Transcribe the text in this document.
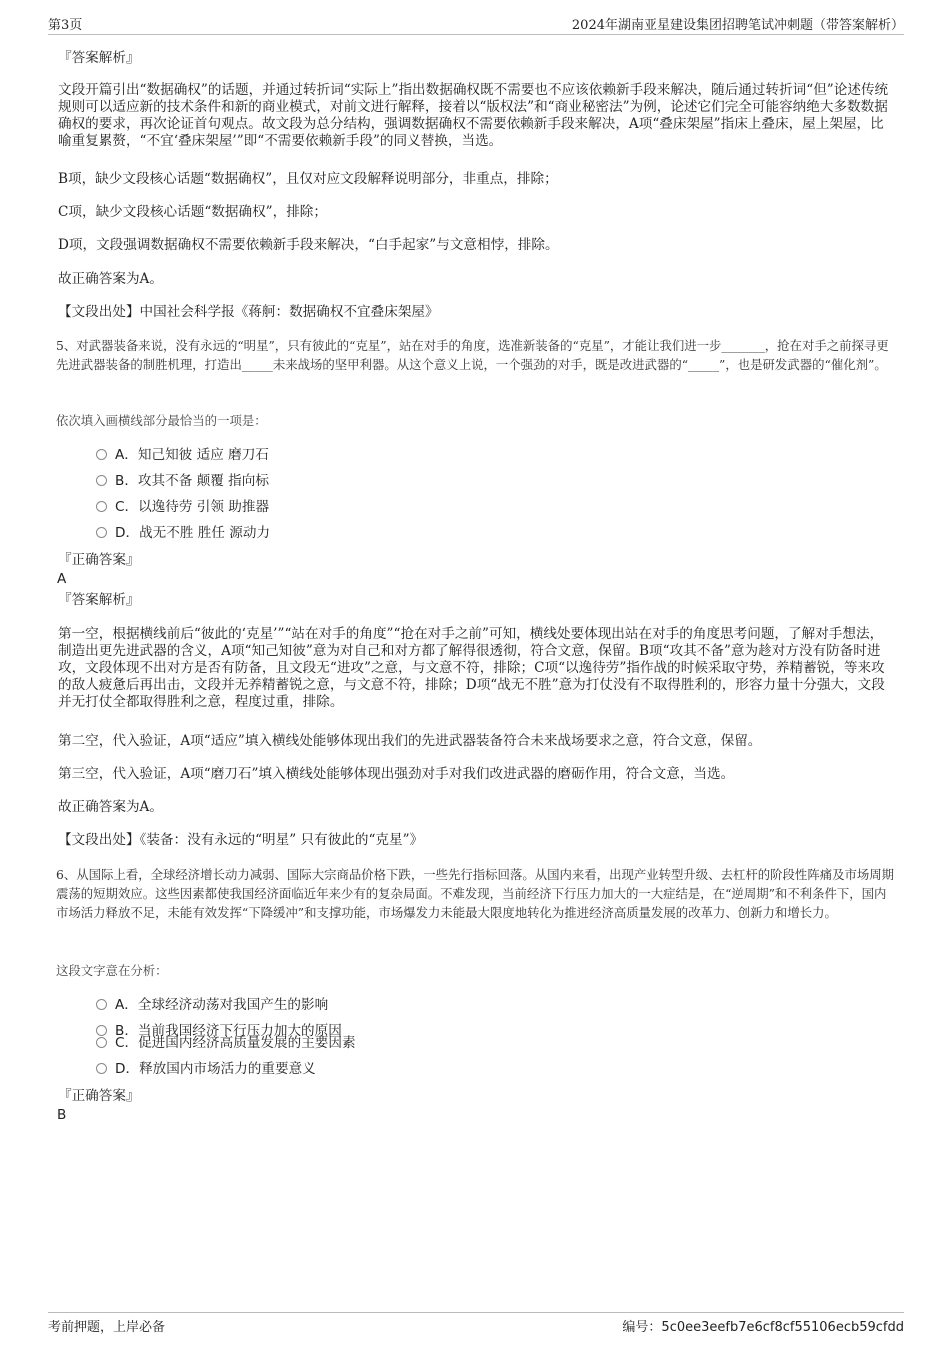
第3页	2024年湖南亚星建设集团招聘笔试冲刺题（带答案解析）
『答案解析』
文段开篇引出“数据确权”的话题，并通过转折词“实际上”指出数据确权既不需要也不应该依赖新手段来解决，随后通过转折词“但”论述传统规则可以适应新的技术条件和新的商业模式，对前文进行解释，接着以“版权法”和“商业秘密法”为例，论述它们完全可能容纳绝大多数数据确权的要求，再次论证首句观点。故文段为总分结构，强调数据确权不需要依赖新手段来解决，A项“叠床架屋”指床上叠床，屋上架屋，比喻重复累赘，“不宜‘叠床架屋’”即“不需要依赖新手段”的同义替换，当选。
B项，缺少文段核心话题“数据确权”，且仅对应文段解释说明部分，非重点，排除；
C项，缺少文段核心话题“数据确权”，排除；
D项，文段强调数据确权不需要依赖新手段来解决，“白手起家”与文意相悖，排除。
故正确答案为A。
【文段出处】中国社会科学报《蒋舸：数据确权不宜叠床架屋》
5、对武器装备来说，没有永远的“明星”，只有彼此的“克星”，站在对手的角度，选准新装备的“克星”，才能让我们进一步_______，抢在对手之前探寻更先进武器装备的制胜机理，打造出_____未来战场的坚甲利器。从这个意义上说，一个强劲的对手，既是改进武器的“_____”，也是研发武器的“催化剂”。
依次填入画横线部分最恰当的一项是：
A．知己知彼 适应 磨刀石
B．攻其不备 颠覆 指向标
C．以逸待劳 引领 助推器
D．战无不胜 胜任 源动力
『正确答案』
A
『答案解析』
第一空，根据横线前后“彼此的‘克星’”“站在对手的角度”“抢在对手之前”可知，横线处要体现出站在对手的角度思考问题，了解对手想法，制造出更先进武器的含义，A项“知己知彼”意为对自己和对方都了解得很透彻，符合文意，保留。B项“攻其不备”意为趁对方没有防备时进攻，文段体现不出对方是否有防备，且文段无“进攻”之意，与文意不符，排除；C项“以逸待劳”指作战的时候采取守势，养精蓄锐，等来攻的敌人疲惫后再出击，文段并无养精蓄锐之意，与文意不符，排除；D项“战无不胜”意为打仗没有不取得胜利的，形容力量十分强大，文段并无打仗全都取得胜利之意，程度过重，排除。
第二空，代入验证，A项“适应”填入横线处能够体现出我们的先进武器装备符合未来战场要求之意，符合文意，保留。
第三空，代入验证，A项“磨刀石”填入横线处能够体现出强劲对手对我们改进武器的磨砺作用，符合文意，当选。
故正确答案为A。
【文段出处】《装备：没有永远的“明星” 只有彼此的“克星”》
6、从国际上看，全球经济增长动力减弱、国际大宗商品价格下跌，一些先行指标回落。从国内来看，出现产业转型升级、去杠杆的阶段性阵痛及市场周期震荡的短期效应。这些因素都使我国经济面临近年来少有的复杂局面。不难发现，当前经济下行压力加大的一大症结是，在“逆周期”和不利条件下，国内市场活力释放不足，未能有效发挥“下降缓冲”和支撑功能，市场爆发力未能最大限度地转化为推进经济高质量发展的改革力、创新力和增长力。
这段文字意在分析：
A．全球经济动荡对我国产生的影响
B．当前我国经济下行压力加大的原因
C．促进国内经济高质量发展的主要因素
D．释放国内市场活力的重要意义
『正确答案』
B
考前押题，上岸必备	编号：5c0ee3eefb7e6cf8cf55106ecb59cfdd
